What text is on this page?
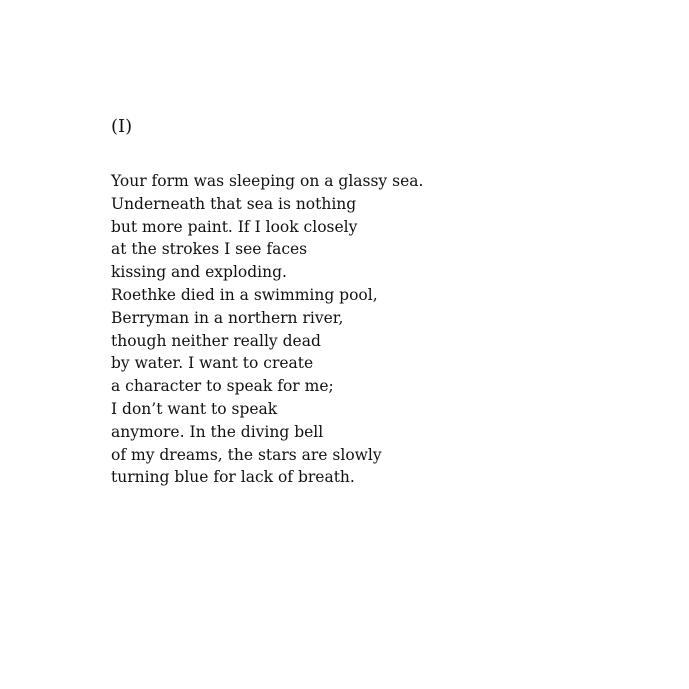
(I)
Your form was sleeping on a glassy sea.
Underneath that sea is nothing
but more paint. If I look closely
at the strokes I see faces
kissing and exploding.
Roethke died in a swimming pool,
Berryman in a northern river,
though neither really dead
by water. I want to create
a character to speak for me;
I don’t want to speak
anymore. In the diving bell
of my dreams, the stars are slowly
turning blue for lack of breath.
